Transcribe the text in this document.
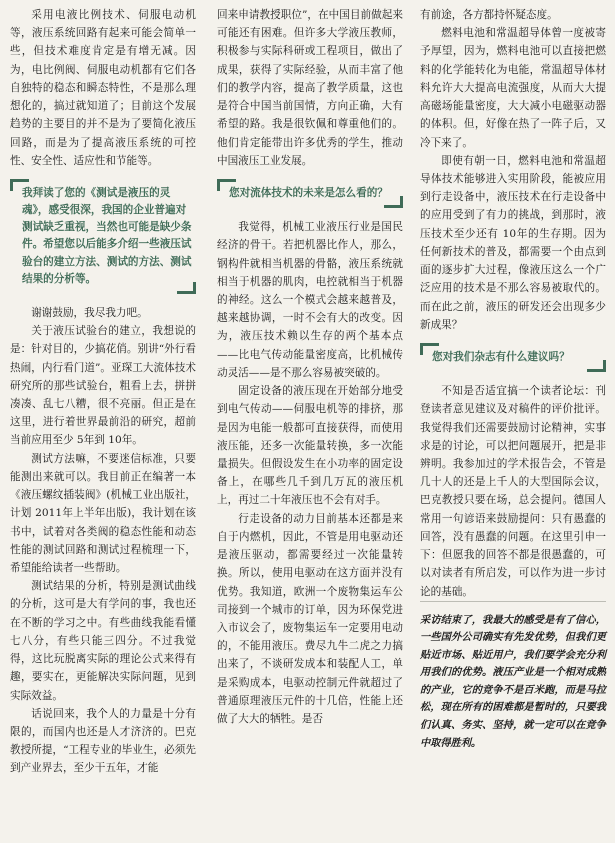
采用电液比例技术、伺服电动机等，液压系统回路有起来可能会简单一些，但技术难度肯定是有增无减。因为，电比例阀、伺服电动机都有它们各自独特的稳态和瞬态特性，不是那么理想化的，搞过就知道了；目前这个发展趋势的主要目的并不是为了要简化液压回路，而是为了提高液压系统的可控性、安全性、适应性和节能等。

我拜读了您的《测试是液压的灵魂》，感受很深，我国的企业普遍对测试缺乏重视，当然也可能是缺少条件。希望您以后能多介绍一些液压试验台的建立方法、测试的方法、测试结果的分析等。

谢谢鼓励，我尽我力吧。

关于液压试验台的建立，我想说的是：针对目的，少搞花俏。别讲“外行看热闹，内行看门道”。亚琛工大流体技术研究所的那些试验台，粗看上去，拼拼凑凑、乱七八糟，很不亮丽。但正是在这里，进行着世界最前沿的研究，超前当前应用至少 5年到 10年。

测试方法嘛，不要迷信标准，只要能测出来就可以。我目前正在编著一本《液压螺纹插装阀》(机械工业出版社，计划 2011年上半年出版)，我计划在该书中，试着对各类阀的稳态性能和动态性能的测试回路和测试过程梳理一下，希望能给读者一些帮助。

测试结果的分析，特别是测试曲线的分析，这可是大有学问的事，我也还在不断的学习之中。有些曲线我能看懂七八分，有些只能三四分。不过我觉得，这比玩脱离实际的理论公式来得有趣，要实在，更能解决实际问题，见到实际效益。

话说回来，我个人的力量是十分有限的，而国内也还是人才济济的。巴克教授所提，“工程专业的毕业生，必须先到产业界去，至少干五年，才能

回来申请教授职位”，在中国目前做起来可能还有困难。但许多大学液压教师，积极参与实际科研或工程项目，做出了成果，获得了实际经验，从而丰富了他们的教学内容，提高了教学质量，这也是符合中国当前国情，方向正确，大有希望的路。我是很钦佩和尊重他们的。他们肯定能带出许多优秀的学生，推动中国液压工业发展。

您对流体技术的未来是怎么看的？

我觉得，机械工业液压行业是国民经济的骨干。若把机器比作人，那么，钢构件就相当机器的骨骼，液压系统就相当于机器的肌肉，电控就相当于机器的神经。这么一个模式会越来越普及，越来越协调，一时不会有大的改变。因为，液压技术赖以生存的两个基本点——比电气传动能量密度高，比机械传动灵活——是不那么容易被突破的。

固定设备的液压现在开始部分地受到电气传动——伺服电机等的排挤，那是因为电能一般都可直接获得，而使用液压能，还多一次能量转换，多一次能量损失。但假设发生在小功率的固定设备上，在哪些几千到几万瓦的液压机上，再过二十年液压也不会有对手。

行走设备的动力目前基本还都是来自于内燃机，因此，不管是用电驱动还是液压驱动，都需要经过一次能量转换。所以，使用电驱动在这方面并没有优势。我知道，欧洲一个废物集运车公司接到一个城市的订单，因为环保党进入市议会了，废物集运车一定要用电动的，不能用液压。费尽九牛二虎之力搞出来了，不谈研发成本和装配人工，单是采购成本，电驱动控制元件就超过了普通原理液压元件的十几倍，性能上还做了大大的牺牲。是否

有前途，各方都持怀疑态度。

燃料电池和常温超导体曾一度被寄予厚望，因为，燃料电池可以直接把燃料的化学能转化为电能，常温超导体材料允许大大提高电流强度，从而大大提高磁场能量密度，大大减小电磁驱动器的体积。但，好像在热了一阵子后，又冷下来了。

即使有朝一日，燃料电池和常温超导体技术能够进入实用阶段，能被应用到行走设备中，液压技术在行走设备中的应用受到了有力的挑战，到那时，液压技术至少还有 10年的生存期。因为任何新技术的普及，都需要一个由点到面的逐步扩大过程，像液压这么一个广泛应用的技术是不那么容易被取代的。而在此之前，液压的研发还会出现多少新成果？

您对我们杂志有什么建议吗？

不知是否适宜搞一个读者论坛：刊登读者意见建议及对稿件的评价批评。我觉得我们还需要鼓励讨论精神，实事求是的讨论，可以把问题展开，把是非辨明。我参加过的学术报告会，不管是几十人的还是上千人的大型国际会议，巴克教授只要在场，总会提问。德国人常用一句谚语来鼓励提问：只有愚蠢的回答，没有愚蠢的问题。在这里引申一下：但愿我的回答不都是很愚蠢的，可以对读者有所启发，可以作为进一步讨论的基础。

采访结束了，我最大的感受是有了信心，一些国外公司确实有先发优势，但我们更贴近市场、贴近用户，我们要学会充分利用我们的优势。液压产业是一个相对成熟的产业，它的竞争不是百米跑，而是马拉松，现在所有的困难都是暂时的，只要我们认真、务实、坚持，就一定可以在竞争中取得胜利。
